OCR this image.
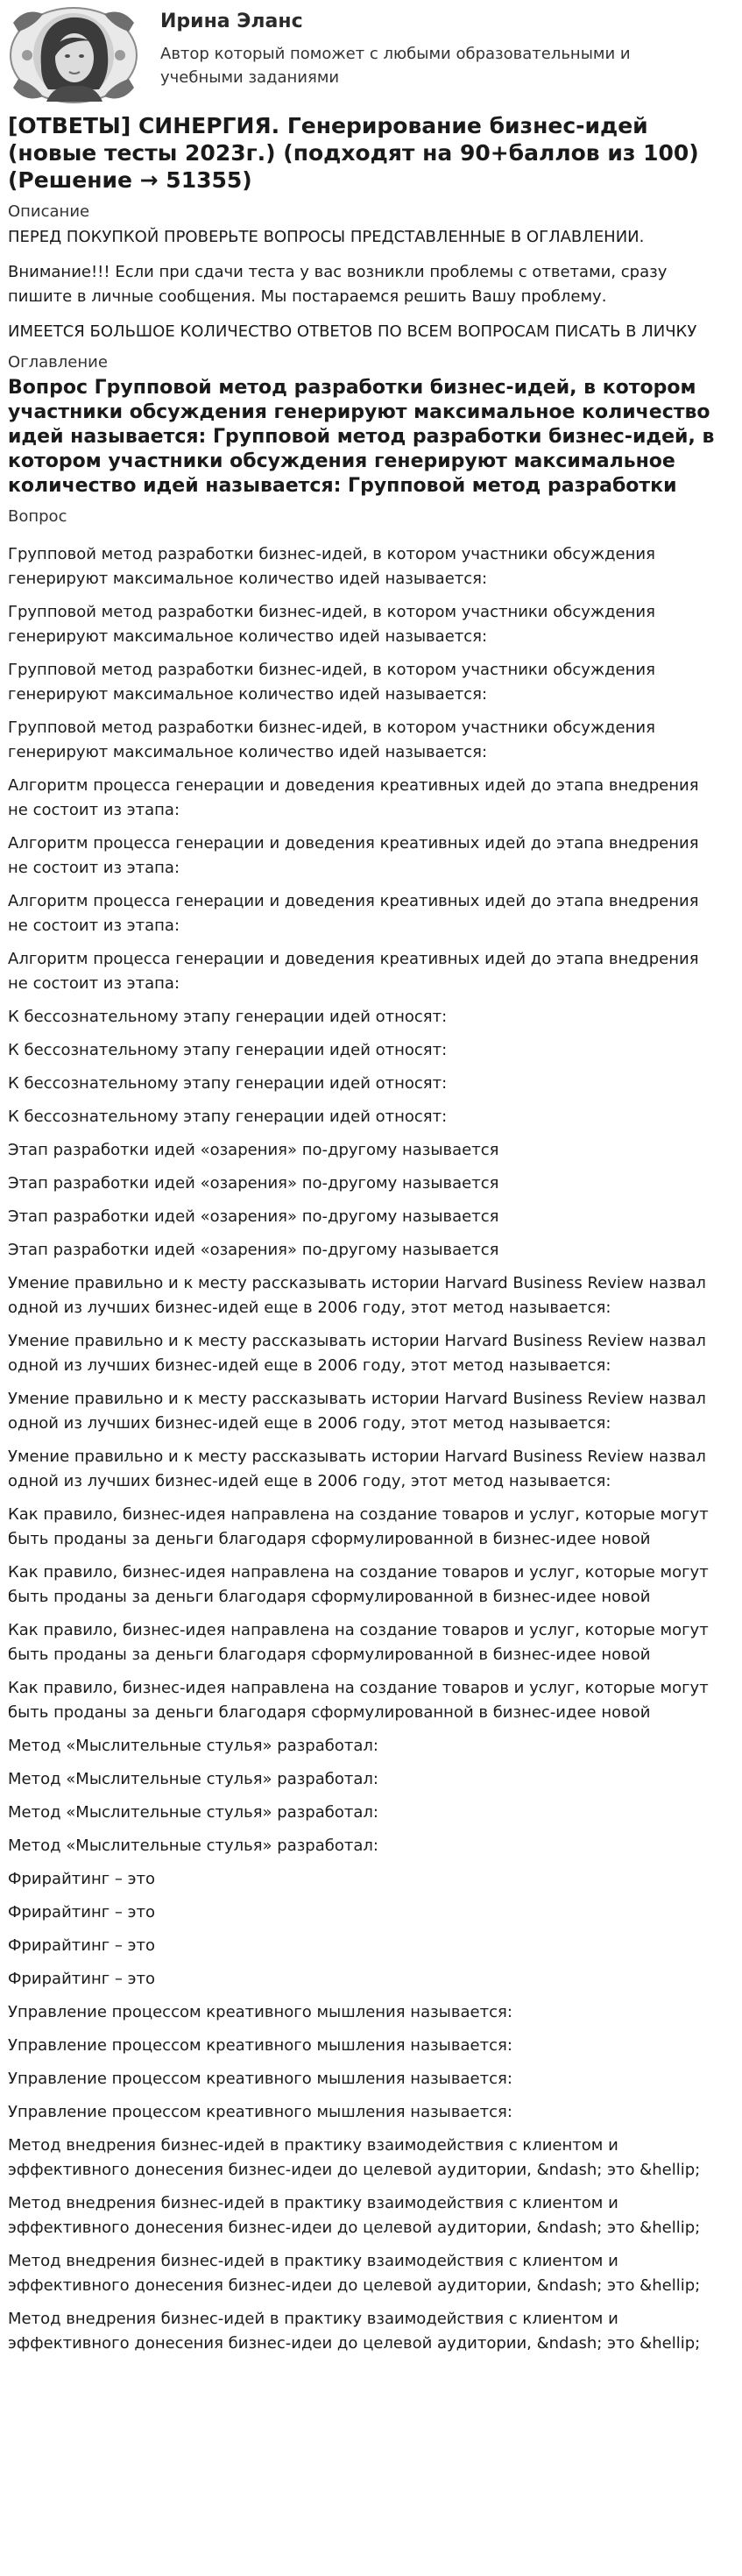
Ирина Эланс
Автор который поможет с любыми образовательными и учебными заданиями
[ОТВЕТЫ] СИНЕРГИЯ. Генерирование бизнес-идей (новые тесты 2023г.) (подходят на 90+баллов из 100) (Решение → 51355)
Описание
ПЕРЕД ПОКУПКОЙ ПРОВЕРЬТЕ ВОПРОСЫ ПРЕДСТАВЛЕННЫЕ В ОГЛАВЛЕНИИ.
Внимание!!! Если при сдачи теста у вас возникли проблемы с ответами, сразу пишите в личные сообщения. Мы постараемся решить Вашу проблему.
ИМЕЕТСЯ БОЛЬШОЕ КОЛИЧЕСТВО ОТВЕТОВ ПО ВСЕМ ВОПРОСАМ ПИСАТЬ В ЛИЧКУ
Оглавление
Вопрос Групповой метод разработки бизнес-идей, в котором участники обсуждения генерируют максимальное количество идей называется: Групповой метод разработки бизнес-идей, в котором участники обсуждения генерируют максимальное количество идей называется: Групповой метод разработки
Вопрос
Групповой метод разработки бизнес-идей, в котором участники обсуждения генерируют максимальное количество идей называется:
Групповой метод разработки бизнес-идей, в котором участники обсуждения генерируют максимальное количество идей называется:
Групповой метод разработки бизнес-идей, в котором участники обсуждения генерируют максимальное количество идей называется:
Групповой метод разработки бизнес-идей, в котором участники обсуждения генерируют максимальное количество идей называется:
Алгоритм процесса генерации и доведения креативных идей до этапа внедрения не состоит из этапа:
Алгоритм процесса генерации и доведения креативных идей до этапа внедрения не состоит из этапа:
Алгоритм процесса генерации и доведения креативных идей до этапа внедрения не состоит из этапа:
Алгоритм процесса генерации и доведения креативных идей до этапа внедрения не состоит из этапа:
К бессознательному этапу генерации идей относят:
К бессознательному этапу генерации идей относят:
К бессознательному этапу генерации идей относят:
К бессознательному этапу генерации идей относят:
Этап разработки идей «озарения» по-другому называется
Этап разработки идей «озарения» по-другому называется
Этап разработки идей «озарения» по-другому называется
Этап разработки идей «озарения» по-другому называется
Умение правильно и к месту рассказывать истории Harvard Business Review назвал одной из лучших бизнес-идей еще в 2006 году, этот метод называется:
Умение правильно и к месту рассказывать истории Harvard Business Review назвал одной из лучших бизнес-идей еще в 2006 году, этот метод называется:
Умение правильно и к месту рассказывать истории Harvard Business Review назвал одной из лучших бизнес-идей еще в 2006 году, этот метод называется:
Умение правильно и к месту рассказывать истории Harvard Business Review назвал одной из лучших бизнес-идей еще в 2006 году, этот метод называется:
Как правило, бизнес-идея направлена на создание товаров и услуг, которые могут быть проданы за деньги благодаря сформулированной в бизнес-идее новой
Как правило, бизнес-идея направлена на создание товаров и услуг, которые могут быть проданы за деньги благодаря сформулированной в бизнес-идее новой
Как правило, бизнес-идея направлена на создание товаров и услуг, которые могут быть проданы за деньги благодаря сформулированной в бизнес-идее новой
Как правило, бизнес-идея направлена на создание товаров и услуг, которые могут быть проданы за деньги благодаря сформулированной в бизнес-идее новой
Метод «Мыслительные стулья» разработал:
Метод «Мыслительные стулья» разработал:
Метод «Мыслительные стулья» разработал:
Метод «Мыслительные стулья» разработал:
Фрирайтинг – это
Фрирайтинг – это
Фрирайтинг – это
Фрирайтинг – это
Управление процессом креативного мышления называется:
Управление процессом креативного мышления называется:
Управление процессом креативного мышления называется:
Управление процессом креативного мышления называется:
Метод внедрения бизнес-идей в практику взаимодействия с клиентом и эффективного донесения бизнес-идеи до целевой аудитории, &ndash; это &hellip;
Метод внедрения бизнес-идей в практику взаимодействия с клиентом и эффективного донесения бизнес-идеи до целевой аудитории, &ndash; это &hellip;
Метод внедрения бизнес-идей в практику взаимодействия с клиентом и эффективного донесения бизнес-идеи до целевой аудитории, &ndash; это &hellip;
Метод внедрения бизнес-идей в практику взаимодействия с клиентом и эффективного донесения бизнес-идеи до целевой аудитории, &ndash; это &hellip;
